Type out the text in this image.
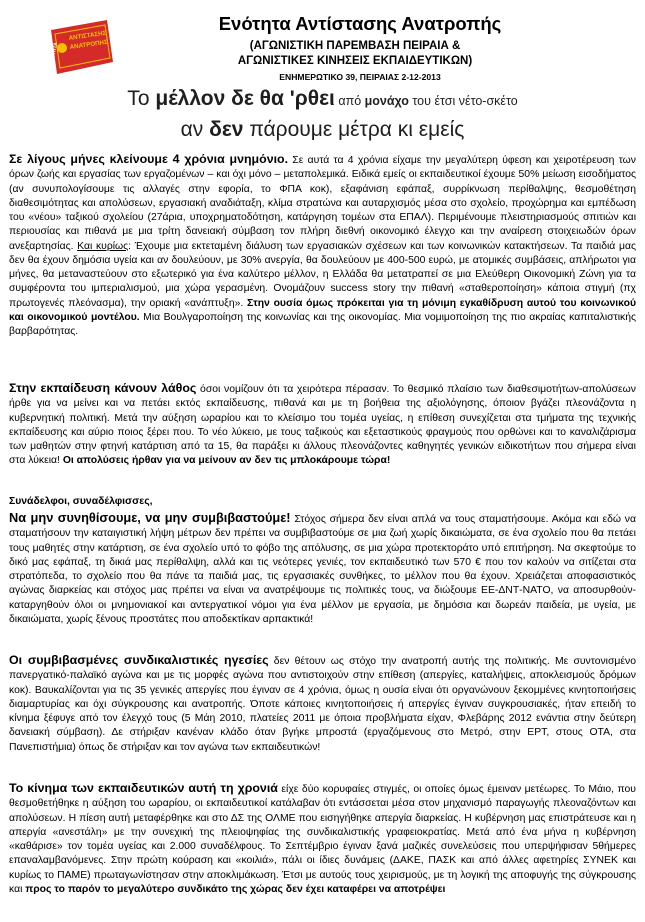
ΑΝΤΙΣΤΑΣΗΣ
ΑΝΑΤΡΟΠΗΣ
ΕΝΟΤΗΤΑ
Ενότητα Αντίστασης Ανατροπής
(ΑΓΩΝΙΣΤΙΚΗ ΠΑΡΕΜΒΑΣΗ ΠΕΙΡΑΙΑ &
ΑΓΩΝΙΣΤΙΚΕΣ ΚΙΝΗΣΕΙΣ ΕΚΠΑΙΔΕΥΤΙΚΩΝ)
ΕΝΗΜΕΡΩΤΙΚΟ 39, ΠΕΙΡΑΙΑΣ 2-12-2013
Το μέλλον δε θα 'ρθει από μονάχο του έτσι νέτο-σκέτο
αν δεν πάρουμε μέτρα κι εμείς
Σε λίγους μήνες κλείνουμε 4 χρόνια μνημόνιο. Σε αυτά τα 4 χρόνια είχαμε την μεγαλύτερη ύφεση και χειροτέρευση των όρων ζωής και εργασίας των εργαζομένων – και όχι μόνο – μεταπολεμικά. Ειδικά εμείς οι εκπαιδευτικοί έχουμε 50% μείωση εισοδήματος (αν συνυπολογίσουμε τις αλλαγές στην εφορία, το ΦΠΑ κοκ), εξαφάνιση εφάπαξ, συρρίκνωση περίθαλψης, θεσμοθέτηση διαθεσιμότητας και απολύσεων, εργασιακή αναδιάταξη, κλίμα στρατώνα και αυταρχισμός μέσα στο σχολείο, προχώρημα και εμπέδωση του «νέου» ταξικού σχολείου (27άρια, υποχρηματοδότηση, κατάργηση τομέων στα ΕΠΑΛ). Περιμένουμε πλειστηριασμούς σπιτιών και περιουσίας και πιθανά με μια τρίτη δανειακή σύμβαση τον πλήρη διεθνή οικονομικό έλεγχο και την αναίρεση στοιχειωδών όρων ανεξαρτησίας. Και κυρίως: Έχουμε μια εκτεταμένη διάλυση των εργασιακών σχέσεων και των κοινωνικών κατακτήσεων. Τα παιδιά μας δεν θα έχουν δημόσια υγεία και αν δουλεύουν, με 30% ανεργία, θα δουλεύουν με 400-500 ευρώ, με ατομικές συμβάσεις, απλήρωτοι για μήνες, θα μεταναστεύουν στο εξωτερικό για ένα καλύτερο μέλλον, η Ελλάδα θα μετατραπεί σε μια Ελεύθερη Οικονομική Ζώνη για τα συμφέροντα του ιμπεριαλισμού, μια χώρα γερασμένη. Ονομάζουν success story την πιθανή «σταθεροποίηση» κάποια στιγμή (πχ πρωτογενές πλεόνασμα), την οριακή «ανάπτυξη». Στην ουσία όμως πρόκειται για τη μόνιμη εγκαθίδρυση αυτού του κοινωνικού και οικονομικού μοντέλου. Μια Βουλγαροποίηση της κοινωνίας και της οικονομίας. Μια νομιμοποίηση της πιο ακραίας καπιταλιστικής βαρβαρότητας.
Στην εκπαίδευση κάνουν λάθος όσοι νομίζουν ότι τα χειρότερα πέρασαν. Το θεσμικό πλαίσιο των διαθεσιμοτήτων-απολύσεων ήρθε για να μείνει και να πετάει εκτός εκπαίδευσης, πιθανά και με τη βοήθεια της αξιολόγησης, όποιον βγάζει πλεονάζοντα η κυβερνητική πολιτική. Μετά την αύξηση ωραρίου και το κλείσιμο του τομέα υγείας, η επίθεση συνεχίζεται στα τμήματα της τεχνικής εκπαίδευσης και αύριο ποιος ξέρει που. Το νέο λύκειο, με τους ταξικούς και εξεταστικούς φραγμούς που ορθώνει και το καναλιζάρισμα των μαθητών στην φτηνή κατάρτιση από τα 15, θα παράξει κι άλλους πλεονάζοντες καθηγητές γενικών ειδικοτήτων που σήμερα είναι στα λύκεια! Οι απολύσεις ήρθαν για να μείνουν αν δεν τις μπλοκάρουμε τώρα!
Συνάδελφοι, συναδέλφισσες,
Να μην συνηθίσουμε, να μην συμβιβαστούμε! Στόχος σήμερα δεν είναι απλά να τους σταματήσουμε. Ακόμα και εδώ να σταματήσουν την καταιγιστική λήψη μέτρων δεν πρέπει να συμβιβαστούμε σε μια ζωή χωρίς δικαιώματα, σε ένα σχολείο που θα πετάει τους μαθητές στην κατάρτιση, σε ένα σχολείο υπό το φόβο της απόλυσης, σε μια χώρα προτεκτοράτο υπό επιτήρηση. Να σκεφτούμε το δικό μας εφάπαξ, τη δικιά μας περίθαλψη, αλλά και τις νεότερες γενιές, τον εκπαιδευτικό των 570 € που τον καλούν να σιτίζεται στα στρατόπεδα, το σχολείο που θα πάνε τα παιδιά μας, τις εργασιακές συνθήκες, το μέλλον που θα έχουν. Χρειάζεται αποφασιστικός αγώνας διαρκείας και στόχος μας πρέπει να είναι να ανατρέψουμε τις πολιτικές τους, να διώξουμε ΕΕ-ΔΝΤ-ΝΑΤΟ, να αποσυρθούν-καταργηθούν όλοι οι μνημονιακοί και αντεργατικοί νόμοι για ένα μέλλον με εργασία, με δημόσια και δωρεάν παιδεία, με υγεία, με δικαιώματα, χωρίς ξένους προστάτες που αποδεκτίκαν αρπακτικά!
Οι συμβιβασμένες συνδικαλιστικές ηγεσίες δεν θέτουν ως στόχο την ανατροπή αυτής της πολιτικής. Με συντονισμένο πανεργατικό-παλαϊκό αγώνα και με τις μορφές αγώνα που αντιστοιχούν στην επίθεση (απεργίες, καταλήψεις, αποκλεισμούς δρόμων κοκ). Βαυκαλίζονται για τις 35 γενικές απεργίες που έγιναν σε 4 χρόνια, όμως η ουσία είναι ότι οργανώνουν ξεκομμένες κινητοποιήσεις διαμαρτυρίας και όχι σύγκρουσης και ανατροπής. Όποτε κάποιες κινητοποιήσεις ή απεργίες έγιναν συγκρουσιακές, ήταν επειδή το κίνημα ξέφυγε από τον έλεγχό τους (5 Μάη 2010, πλατείες 2011 με όποια προβλήματα είχαν, Φλεβάρης 2012 ενάντια στην δεύτερη δανειακή σύμβαση). Δε στήριξαν κανέναν κλάδο όταν βγήκε μπροστά (εργαζόμενους στο Μετρό, στην ΕΡΤ, στους ΟΤΑ, στα Πανεπιστήμια) όπως δε στήριξαν και τον αγώνα των εκπαιδευτικών!
Το κίνημα των εκπαιδευτικών αυτή τη χρονιά είχε δύο κορυφαίες στιγμές, οι οποίες όμως έμειναν μετέωρες. Το Μάιο, που θεσμοθετήθηκε η αύξηση του ωραρίου, οι εκπαιδευτικοί κατάλαβαν ότι εντάσσεται μέσα στον μηχανισμό παραγωγής πλεοναζόντων και απολύσεων. Η πίεση αυτή μεταφέρθηκε και στο ΔΣ της ΟΛΜΕ που εισηγήθηκε απεργία διαρκείας. Η κυβέρνηση μας επιστράτευσε και η απεργία «ανεστάλη» με την συνεχική της πλειοψηφίας της συνδικαλιστικής γραφειοκρατίας. Μετά από ένα μήνα η κυβέρνηση «καθάρισε» τον τομέα υγείας και 2.000 συναδέλφους. Το Σεπτέμβριο έγιναν ξανά μαζικές συνελεύσεις που υπερψήφισαν 5θήμερες επαναλαμβανόμενες. Στην πρώτη κούραση και «κοιλιά», πάλι οι ίδιες δυνάμεις (ΔΑΚΕ, ΠΑΣΚ και από άλλες αφετηρίες ΣΥΝΕΚ και κυρίως το ΠΑΜΕ) πρωταγωνίστησαν στην αποκλιμάκωση. Έτσι με αυτούς τους χειρισμούς, με τη λογική της αποφυγής της σύγκρουσης και προς το παρόν το μεγαλύτερο συνδικάτο της χώρας δεν έχει καταφέρει να αποτρέψει
